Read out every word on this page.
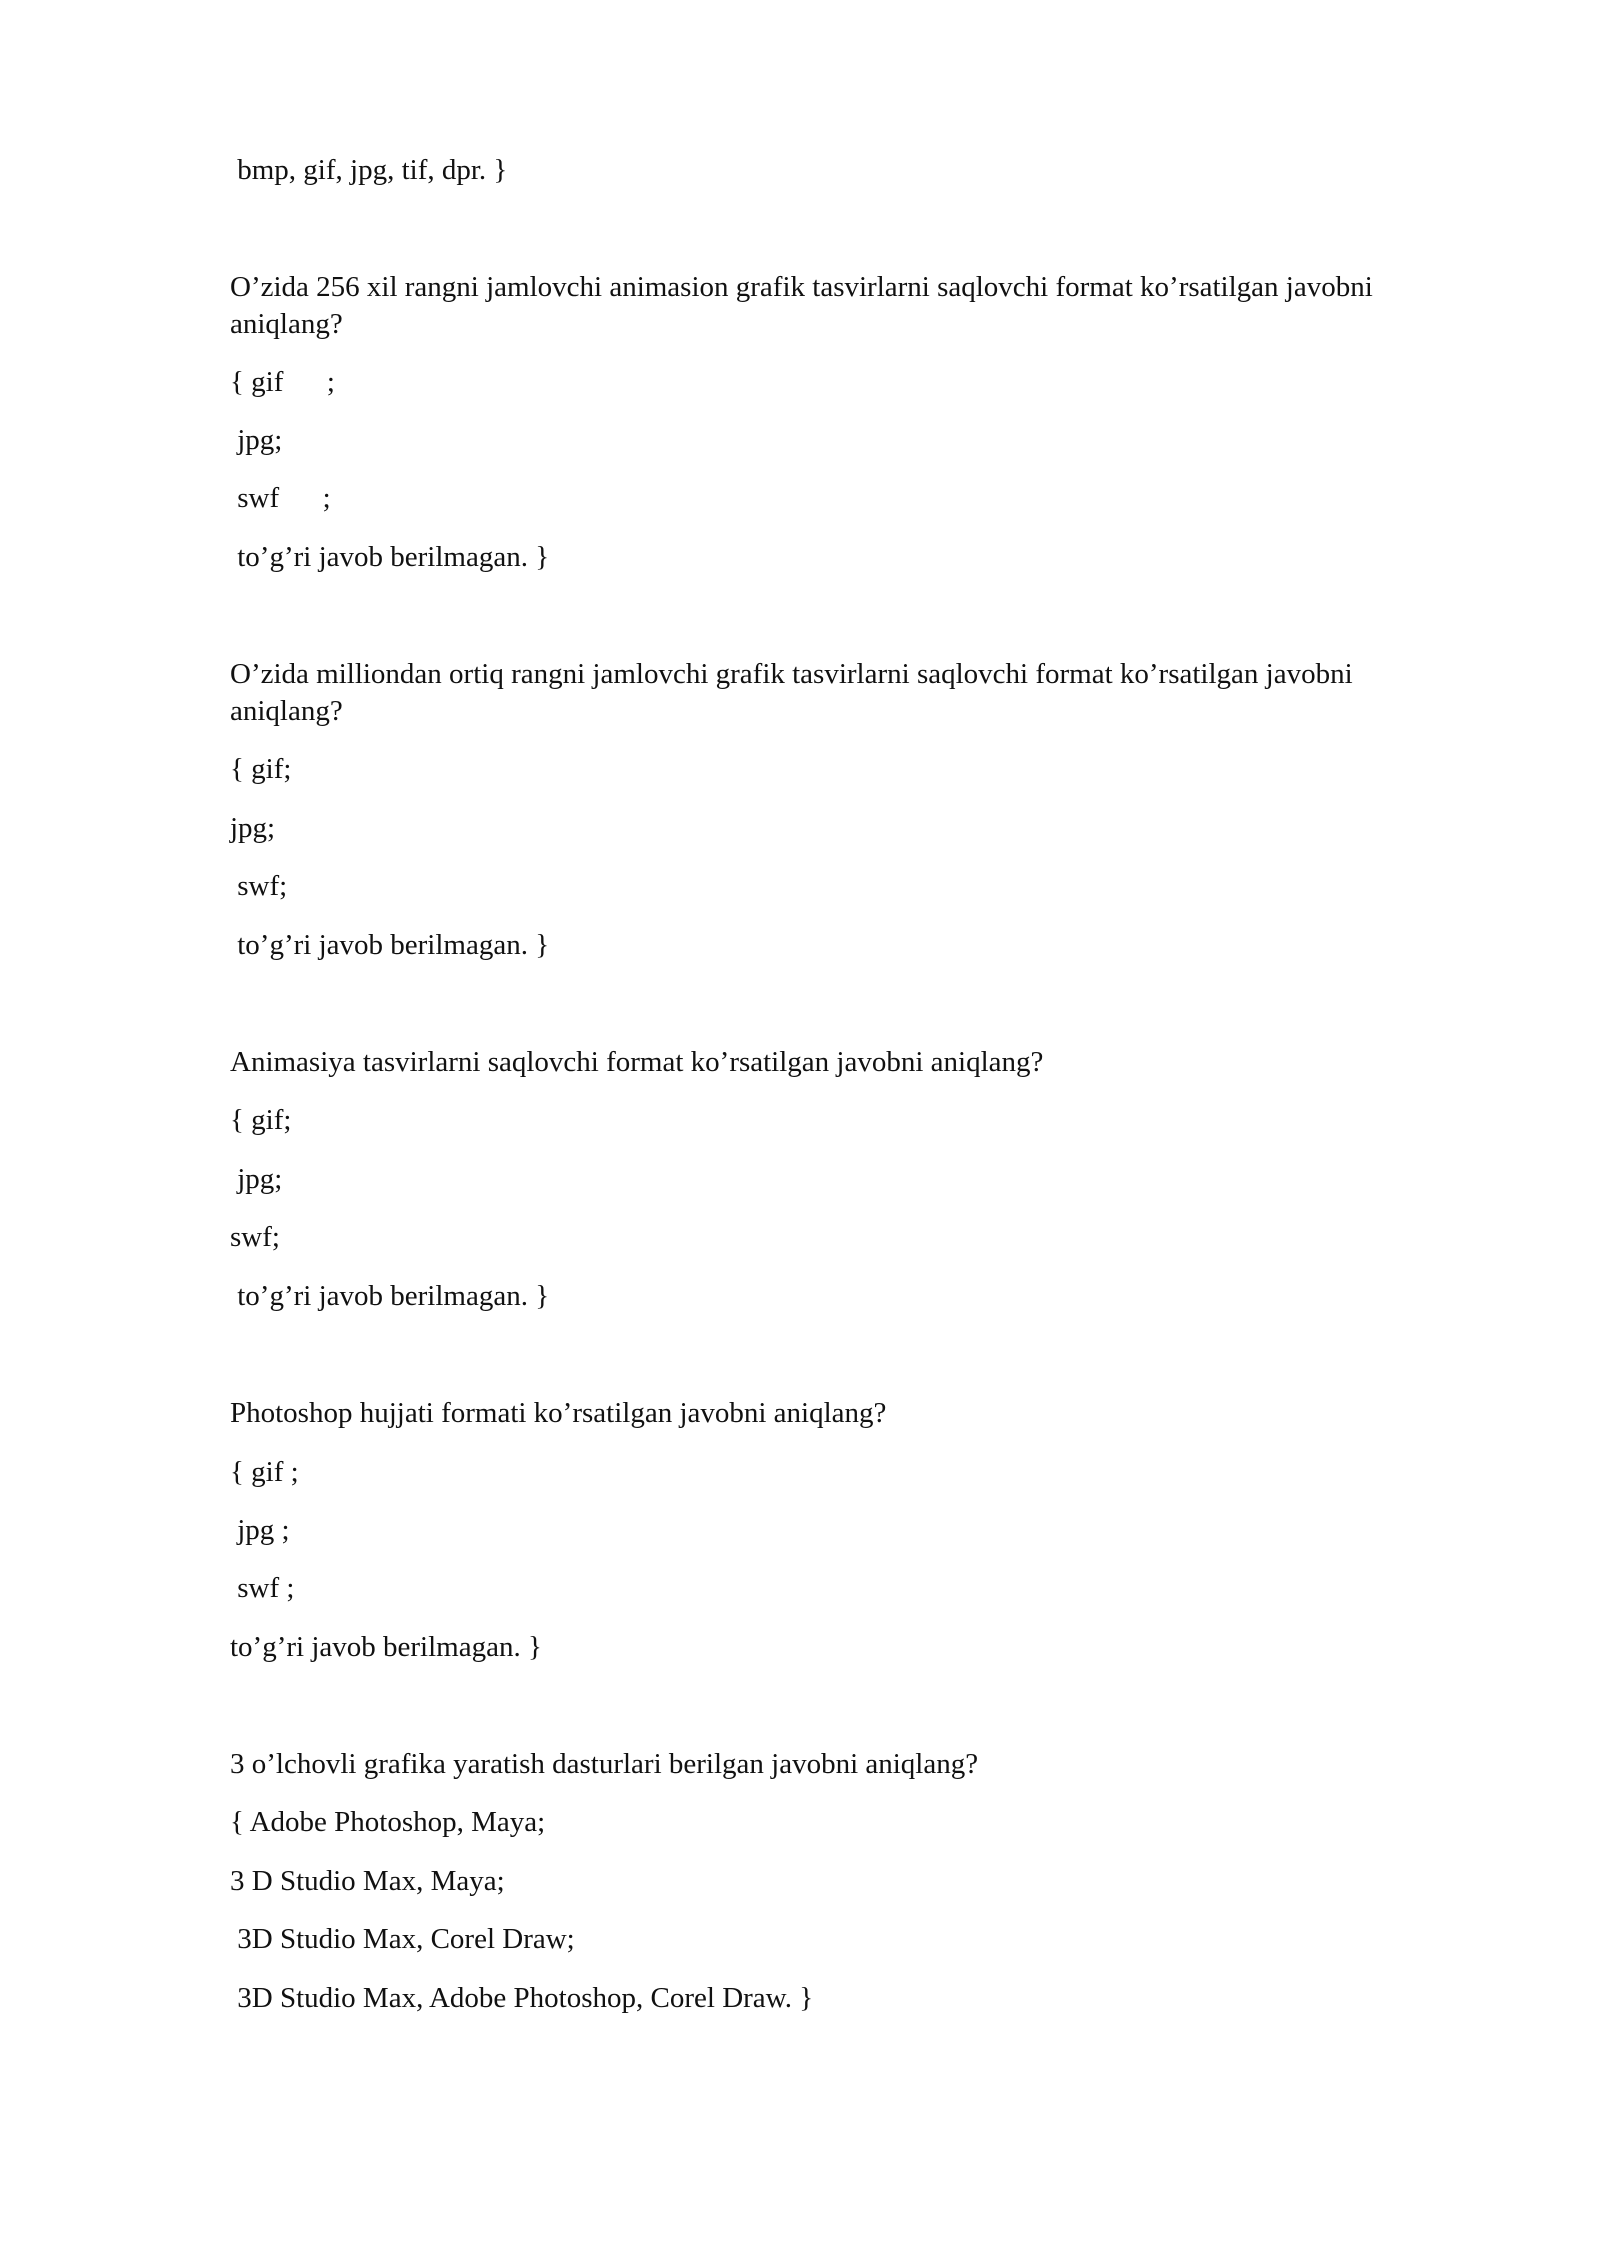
bmp, gif, jpg, tif, dpr. }
O’zida 256 xil rangni jamlovchi animasion grafik tasvirlarni saqlovchi format ko’rsatilgan javobni aniqlang?
{ gif      ;
jpg;
swf      ;
to’g’ri javob berilmagan. }
O’zida milliondan ortiq rangni jamlovchi grafik tasvirlarni saqlovchi format ko’rsatilgan javobni aniqlang?
{ gif;
jpg;
swf;
to’g’ri javob berilmagan. }
Animasiya tasvirlarni saqlovchi format ko’rsatilgan javobni aniqlang?
{ gif;
jpg;
swf;
to’g’ri javob berilmagan. }
Photoshop hujjati formati ko’rsatilgan javobni aniqlang?
{ gif ;
jpg ;
swf ;
to’g’ri javob berilmagan. }
3 o’lchovli grafika yaratish dasturlari berilgan javobni aniqlang?
{ Adobe Photoshop, Maya;
3 D Studio Max, Maya;
3D Studio Max, Corel Draw;
3D Studio Max, Adobe Photoshop, Corel Draw. }
